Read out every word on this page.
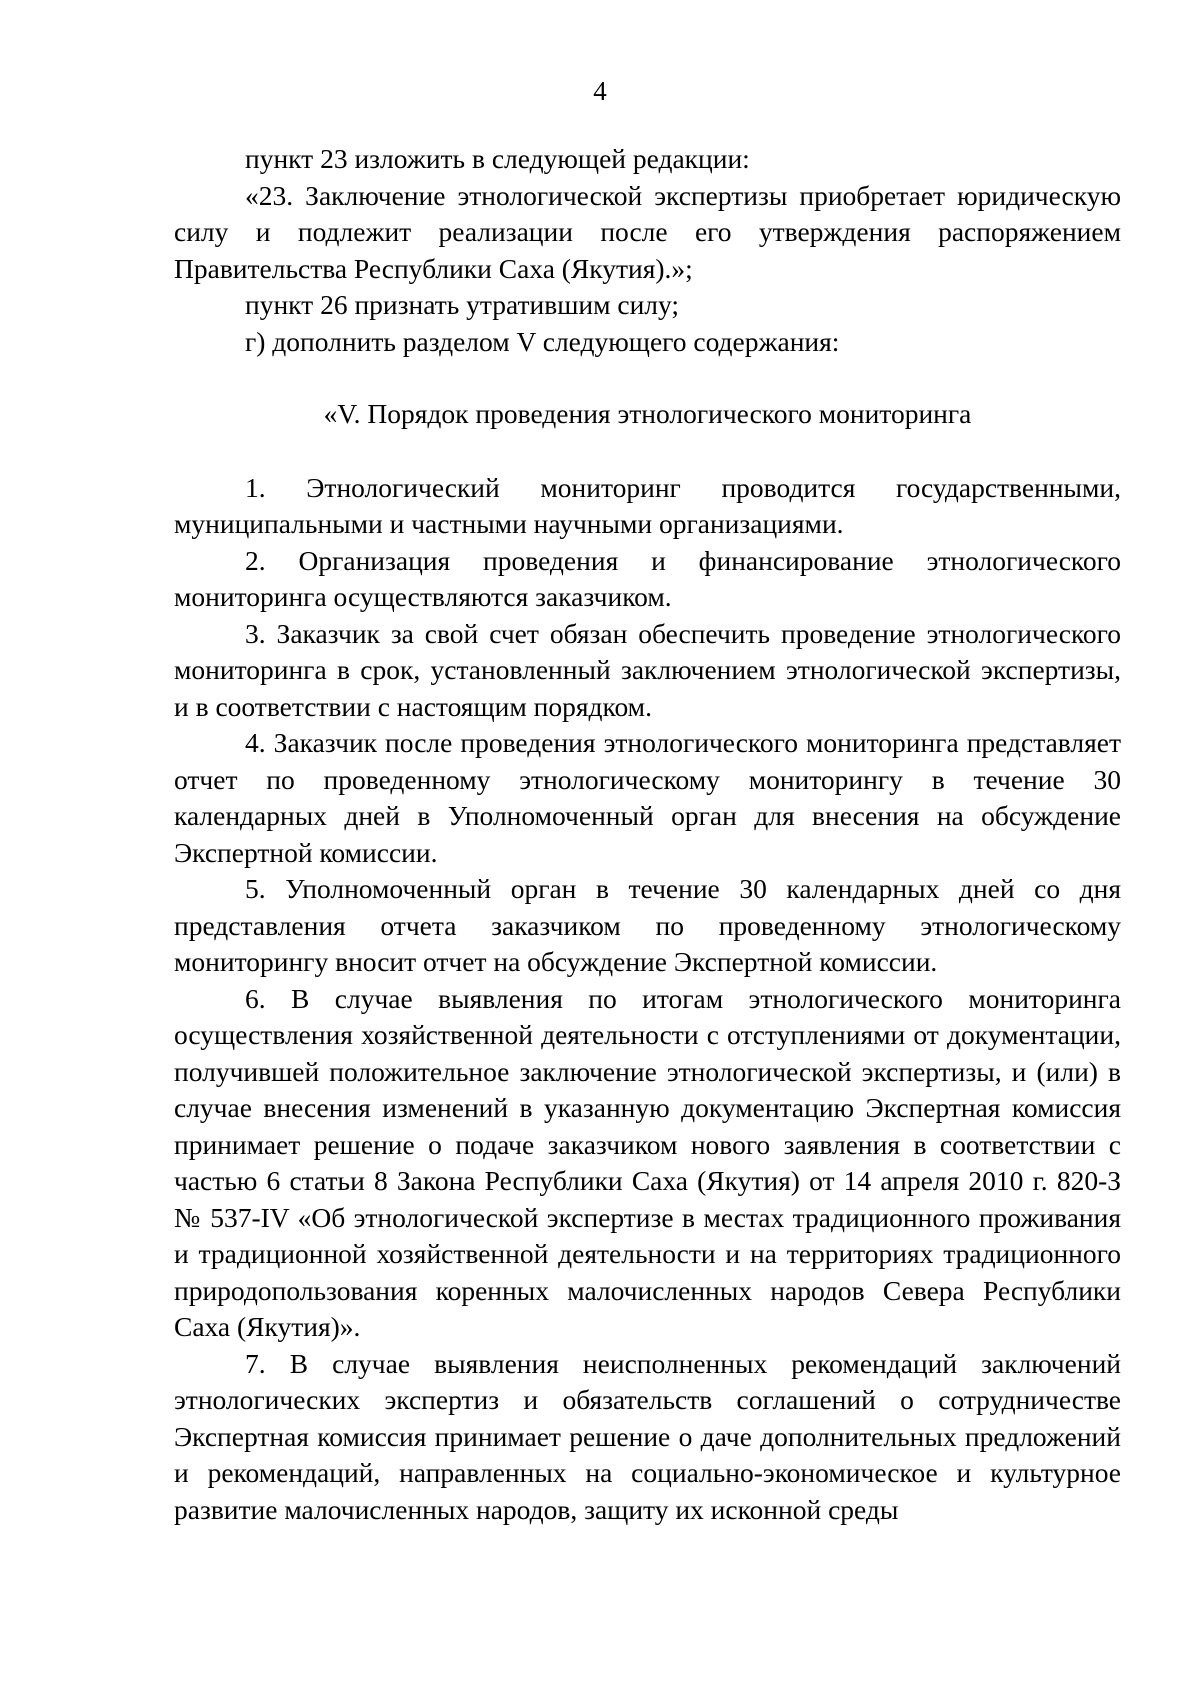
4

пункт 23 изложить в следующей редакции:

«23. Заключение этнологической экспертизы приобретает юридическую силу и подлежит реализации после его утверждения распоряжением Правительства Республики Саха (Якутия).»;

пункт 26 признать утратившим силу;

г) дополнить разделом V следующего содержания:

«V. Порядок проведения этнологического мониторинга

1. Этнологический мониторинг проводится государственными, муниципальными и частными научными организациями.

2. Организация проведения и финансирование этнологического мониторинга осуществляются заказчиком.

3. Заказчик за свой счет обязан обеспечить проведение этнологического мониторинга в срок, установленный заключением этнологической экспертизы, и в соответствии с настоящим порядком.

4. Заказчик после проведения этнологического мониторинга представляет отчет по проведенному этнологическому мониторингу в течение 30 календарных дней в Уполномоченный орган для внесения на обсуждение Экспертной комиссии.

5. Уполномоченный орган в течение 30 календарных дней со дня представления отчета заказчиком по проведенному этнологическому мониторингу вносит отчет на обсуждение Экспертной комиссии.

6. В случае выявления по итогам этнологического мониторинга осуществления хозяйственной деятельности с отступлениями от документации, получившей положительное заключение этнологической экспертизы, и (или) в случае внесения изменений в указанную документацию Экспертная комиссия принимает решение о подаче заказчиком нового заявления в соответствии с частью 6 статьи 8 Закона Республики Саха (Якутия) от 14 апреля 2010 г. 820-З № 537-IV «Об этнологической экспертизе в местах традиционного проживания и традиционной хозяйственной деятельности и на территориях традиционного природопользования коренных малочисленных народов Севера Республики Саха (Якутия)».

7. В случае выявления неисполненных рекомендаций заключений этнологических экспертиз и обязательств соглашений о сотрудничестве Экспертная комиссия принимает решение о даче дополнительных предложений и рекомендаций, направленных на социально-экономическое и культурное развитие малочисленных народов, защиту их исконной среды
